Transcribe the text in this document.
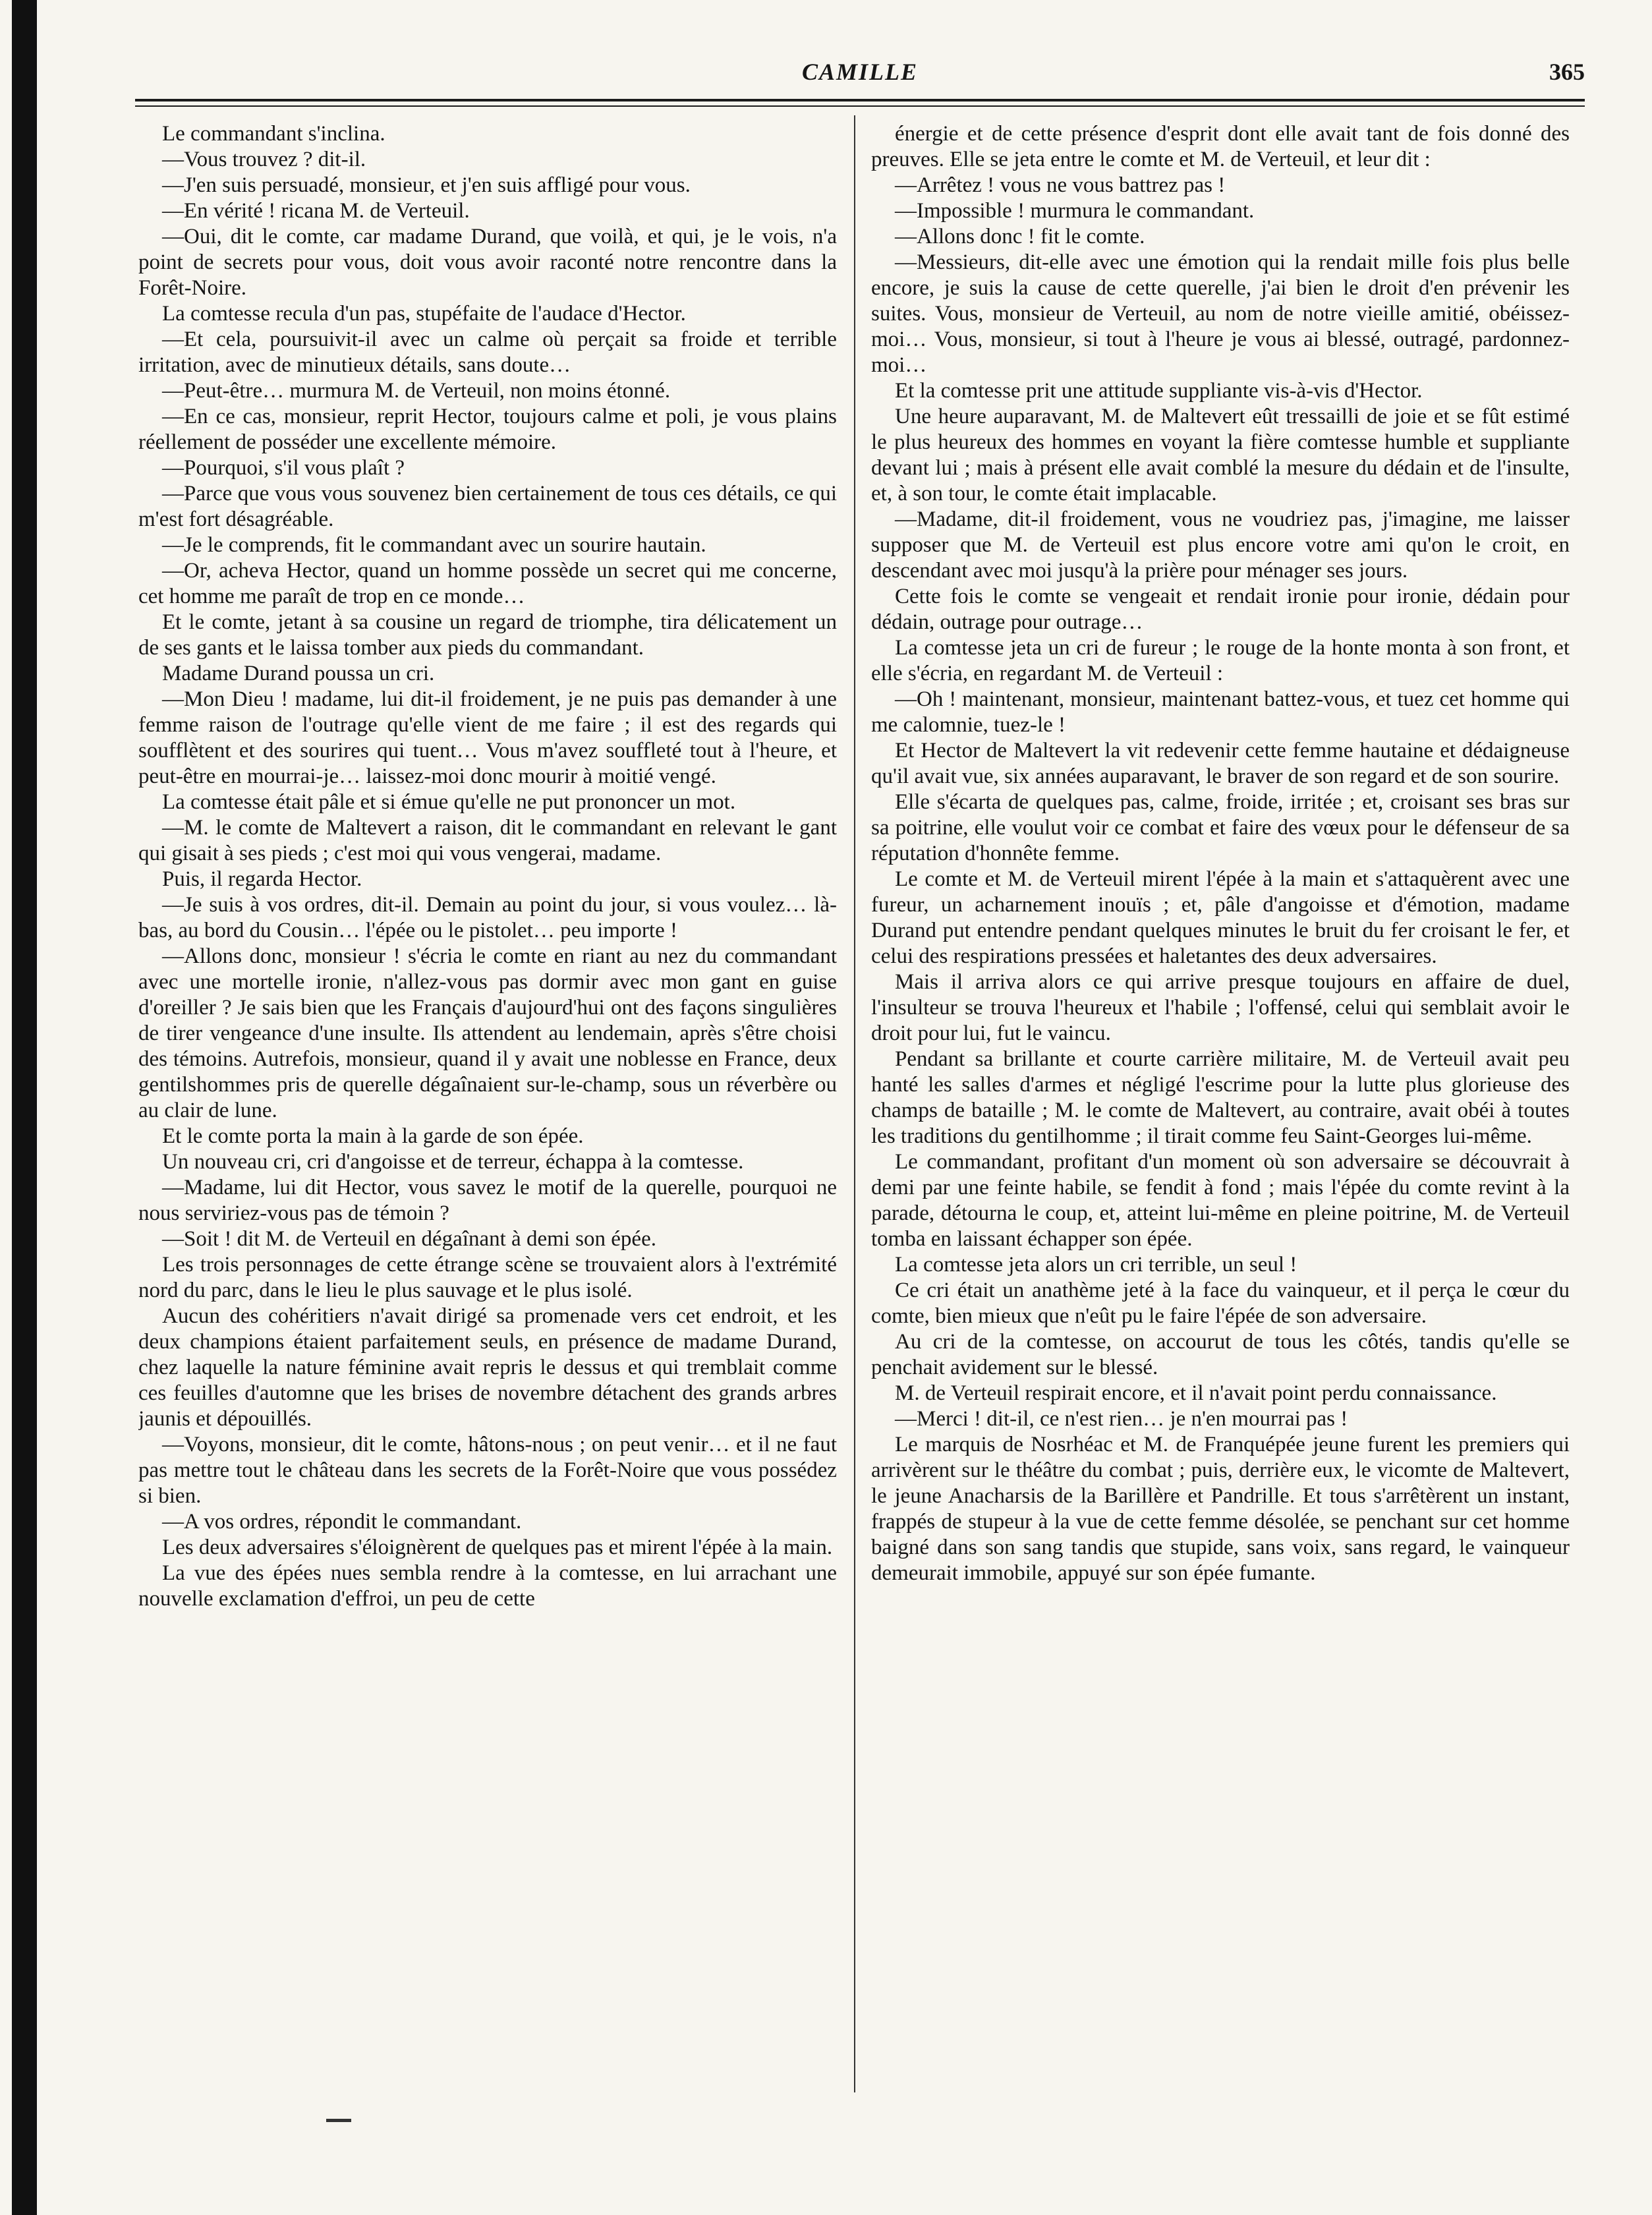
CAMILLE	365

Le commandant s'inclina.

—Vous trouvez ? dit-il.

—J'en suis persuadé, monsieur, et j'en suis affligé pour vous.

—En vérité ! ricana M. de Verteuil.

—Oui, dit le comte, car madame Durand, que voilà, et qui, je le vois, n'a point de secrets pour vous, doit vous avoir raconté notre rencontre dans la Forêt-Noire.

La comtesse recula d'un pas, stupéfaite de l'audace d'Hector.

—Et cela, poursuivit-il avec un calme où perçait sa froide et terrible irritation, avec de minutieux détails, sans doute…

—Peut-être… murmura M. de Verteuil, non moins étonné.

—En ce cas, monsieur, reprit Hector, toujours calme et poli, je vous plains réellement de posséder une excellente mémoire.

—Pourquoi, s'il vous plaît ?

—Parce que vous vous souvenez bien certainement de tous ces détails, ce qui m'est fort désagréable.

—Je le comprends, fit le commandant avec un sourire hautain.

—Or, acheva Hector, quand un homme possède un secret qui me concerne, cet homme me paraît de trop en ce monde…

Et le comte, jetant à sa cousine un regard de triomphe, tira délicatement un de ses gants et le laissa tomber aux pieds du commandant.

Madame Durand poussa un cri.

—Mon Dieu ! madame, lui dit-il froidement, je ne puis pas demander à une femme raison de l'outrage qu'elle vient de me faire ; il est des regards qui soufflètent et des sourires qui tuent… Vous m'avez souffleté tout à l'heure, et peut-être en mourrai-je… laissez-moi donc mourir à moitié vengé.

La comtesse était pâle et si émue qu'elle ne put prononcer un mot.

—M. le comte de Maltevert a raison, dit le commandant en relevant le gant qui gisait à ses pieds ; c'est moi qui vous vengerai, madame.

Puis, il regarda Hector.

—Je suis à vos ordres, dit-il. Demain au point du jour, si vous voulez… là-bas, au bord du Cousin… l'épée ou le pistolet… peu importe !

—Allons donc, monsieur ! s'écria le comte en riant au nez du commandant avec une mortelle ironie, n'allez-vous pas dormir avec mon gant en guise d'oreiller ? Je sais bien que les Français d'aujourd'hui ont des façons singulières de tirer vengeance d'une insulte. Ils attendent au lendemain, après s'être choisi des témoins. Autrefois, monsieur, quand il y avait une noblesse en France, deux gentilshommes pris de querelle dégaînaient sur-le-champ, sous un réverbère ou au clair de lune.

Et le comte porta la main à la garde de son épée.

Un nouveau cri, cri d'angoisse et de terreur, échappa à la comtesse.

—Madame, lui dit Hector, vous savez le motif de la querelle, pourquoi ne nous serviriez-vous pas de témoin ?

—Soit ! dit M. de Verteuil en dégaînant à demi son épée.

Les trois personnages de cette étrange scène se trouvaient alors à l'extrémité nord du parc, dans le lieu le plus sauvage et le plus isolé.

Aucun des cohéritiers n'avait dirigé sa promenade vers cet endroit, et les deux champions étaient parfaitement seuls, en présence de madame Durand, chez laquelle la nature féminine avait repris le dessus et qui tremblait comme ces feuilles d'automne que les brises de novembre détachent des grands arbres jaunis et dépouillés.

—Voyons, monsieur, dit le comte, hâtons-nous ; on peut venir… et il ne faut pas mettre tout le château dans les secrets de la Forêt-Noire que vous possédez si bien.

—A vos ordres, répondit le commandant.

Les deux adversaires s'éloignèrent de quelques pas et mirent l'épée à la main.

La vue des épées nues sembla rendre à la comtesse, en lui arrachant une nouvelle exclamation d'effroi, un peu de cette

énergie et de cette présence d'esprit dont elle avait tant de fois donné des preuves. Elle se jeta entre le comte et M. de Verteuil, et leur dit :

—Arrêtez ! vous ne vous battrez pas !

—Impossible ! murmura le commandant.

—Allons donc ! fit le comte.

—Messieurs, dit-elle avec une émotion qui la rendait mille fois plus belle encore, je suis la cause de cette querelle, j'ai bien le droit d'en prévenir les suites. Vous, monsieur de Verteuil, au nom de notre vieille amitié, obéissez-moi… Vous, monsieur, si tout à l'heure je vous ai blessé, outragé, pardonnez-moi…

Et la comtesse prit une attitude suppliante vis-à-vis d'Hector.

Une heure auparavant, M. de Maltevert eût tressailli de joie et se fût estimé le plus heureux des hommes en voyant la fière comtesse humble et suppliante devant lui ; mais à présent elle avait comblé la mesure du dédain et de l'insulte, et, à son tour, le comte était implacable.

—Madame, dit-il froidement, vous ne voudriez pas, j'imagine, me laisser supposer que M. de Verteuil est plus encore votre ami qu'on le croit, en descendant avec moi jusqu'à la prière pour ménager ses jours.

Cette fois le comte se vengeait et rendait ironie pour ironie, dédain pour dédain, outrage pour outrage…

La comtesse jeta un cri de fureur ; le rouge de la honte monta à son front, et elle s'écria, en regardant M. de Verteuil :

—Oh ! maintenant, monsieur, maintenant battez-vous, et tuez cet homme qui me calomnie, tuez-le !

Et Hector de Maltevert la vit redevenir cette femme hautaine et dédaigneuse qu'il avait vue, six années auparavant, le braver de son regard et de son sourire.

Elle s'écarta de quelques pas, calme, froide, irritée ; et, croisant ses bras sur sa poitrine, elle voulut voir ce combat et faire des vœux pour le défenseur de sa réputation d'honnête femme.

Le comte et M. de Verteuil mirent l'épée à la main et s'attaquèrent avec une fureur, un acharnement inouïs ; et, pâle d'angoisse et d'émotion, madame Durand put entendre pendant quelques minutes le bruit du fer croisant le fer, et celui des respirations pressées et haletantes des deux adversaires.

Mais il arriva alors ce qui arrive presque toujours en affaire de duel, l'insulteur se trouva l'heureux et l'habile ; l'offensé, celui qui semblait avoir le droit pour lui, fut le vaincu.

Pendant sa brillante et courte carrière militaire, M. de Verteuil avait peu hanté les salles d'armes et négligé l'escrime pour la lutte plus glorieuse des champs de bataille ; M. le comte de Maltevert, au contraire, avait obéi à toutes les traditions du gentilhomme ; il tirait comme feu Saint-Georges lui-même.

Le commandant, profitant d'un moment où son adversaire se découvrait à demi par une feinte habile, se fendit à fond ; mais l'épée du comte revint à la parade, détourna le coup, et, atteint lui-même en pleine poitrine, M. de Verteuil tomba en laissant échapper son épée.

La comtesse jeta alors un cri terrible, un seul !

Ce cri était un anathème jeté à la face du vainqueur, et il perça le cœur du comte, bien mieux que n'eût pu le faire l'épée de son adversaire.

Au cri de la comtesse, on accourut de tous les côtés, tandis qu'elle se penchait avidement sur le blessé.

M. de Verteuil respirait encore, et il n'avait point perdu connaissance.

—Merci ! dit-il, ce n'est rien… je n'en mourrai pas !

Le marquis de Nosrhéac et M. de Franquépée jeune furent les premiers qui arrivèrent sur le théâtre du combat ; puis, derrière eux, le vicomte de Maltevert, le jeune Anacharsis de la Barillère et Pandrille. Et tous s'arrêtèrent un instant, frappés de stupeur à la vue de cette femme désolée, se penchant sur cet homme baigné dans son sang tandis que stupide, sans voix, sans regard, le vainqueur demeurait immobile, appuyé sur son épée fumante.
